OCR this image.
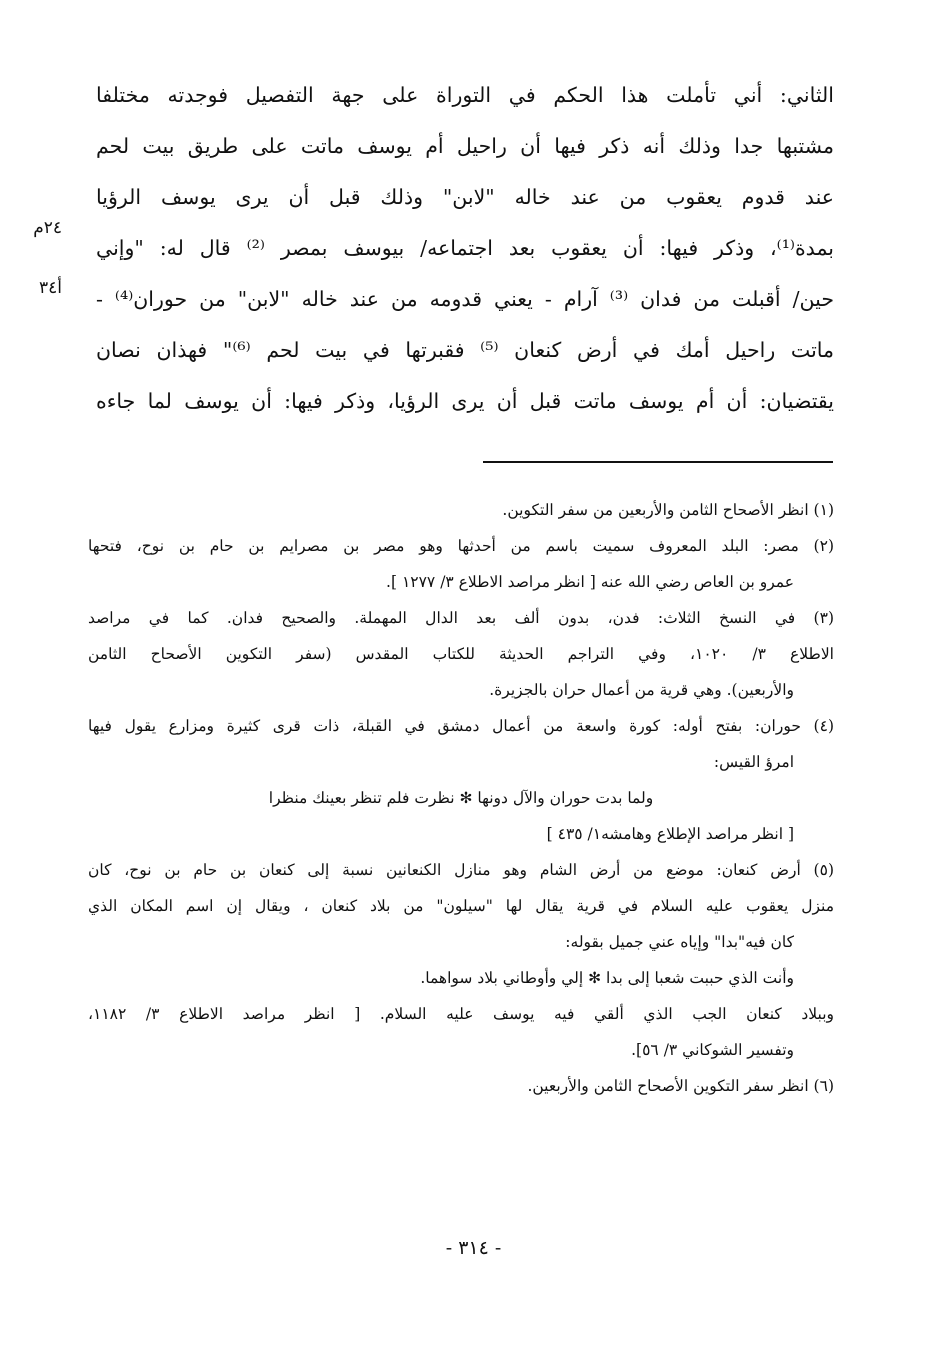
الثاني: أني تأملت هذا الحكم في التوراة على جهة التفصيل فوجدته مختلفا
مشتبها جدا وذلك أنه ذكر فيها أن راحيل أم يوسف ماتت على طريق بيت لحم
عند قدوم يعقوب من عند خاله "لابن" وذلك قبل أن يرى يوسف الرؤيا
بمدة⁽¹⁾، وذكر فيها: أن يعقوب بعد اجتماعه/ بيوسف بمصر ⁽²⁾ قال له: "وإني
حين/ أقبلت من فدان ⁽³⁾ آرام - يعني قدومه من عند خاله "لابن" من حوران⁽⁴⁾ -
ماتت راحيل أمك في أرض كنعان ⁽⁵⁾ فقبرتها في بيت لحم ⁽⁶⁾" فهذان نصان
يقتضيان: أن أم يوسف ماتت قبل أن يرى الرؤيا، وذكر فيها: أن يوسف لما جاءه
٢٤م
أ٣٤
(١) انظر الأصحاح الثامن والأربعين من سفر التكوين.
(٢) مصر: البلد المعروف سميت باسم من أحدثها وهو مصر بن مصرايم بن حام بن نوح، فتحها
عمرو بن العاص رضي الله عنه [ انظر مراصد الاطلاع ٣/ ١٢٧٧ ].
(٣) في النسخ الثلاث: فدن، بدون ألف بعد الدال المهملة. والصحيح فدان. كما في مراصد
الاطلاع ٣/ ١٠٢٠، وفي التراجم الحديثة للكتاب المقدس (سفر التكوين الأصحاح الثامن
والأربعين). وهي قرية من أعمال حران بالجزيرة.
(٤) حوران: بفتح أوله: كورة واسعة من أعمال دمشق في القبلة، ذات قرى كثيرة ومزارع يقول فيها
امرؤ القيس:
ولما بدت حوران والآل دونها ✻ نظرت فلم تنظر بعينك منظرا
[ انظر مراصد الإطلاع وهامشه١/ ٤٣٥ ]
(٥) أرض كنعان: موضع من أرض الشام وهو منازل الكنعانين نسبة إلى كنعان بن حام بن نوح، كان
منزل يعقوب عليه السلام في قرية يقال لها "سيلون" من بلاد كنعان ، ويقال إن اسم المكان الذي
كان فيه"بدا" وإياه عني جميل بقوله:
وأنت الذي حببت شعبا إلى بدا ✻ إلي وأوطاني بلاد سواهما.
وببلاد كنعان الجب الذي ألقي فيه يوسف عليه السلام. [ انظر مراصد الاطلاع ٣/ ١١٨٢،
وتفسير الشوكاني ٣/ ٥٦].
(٦) انظر سفر التكوين الأصحاح الثامن والأربعين.
- ٣١٤ -
